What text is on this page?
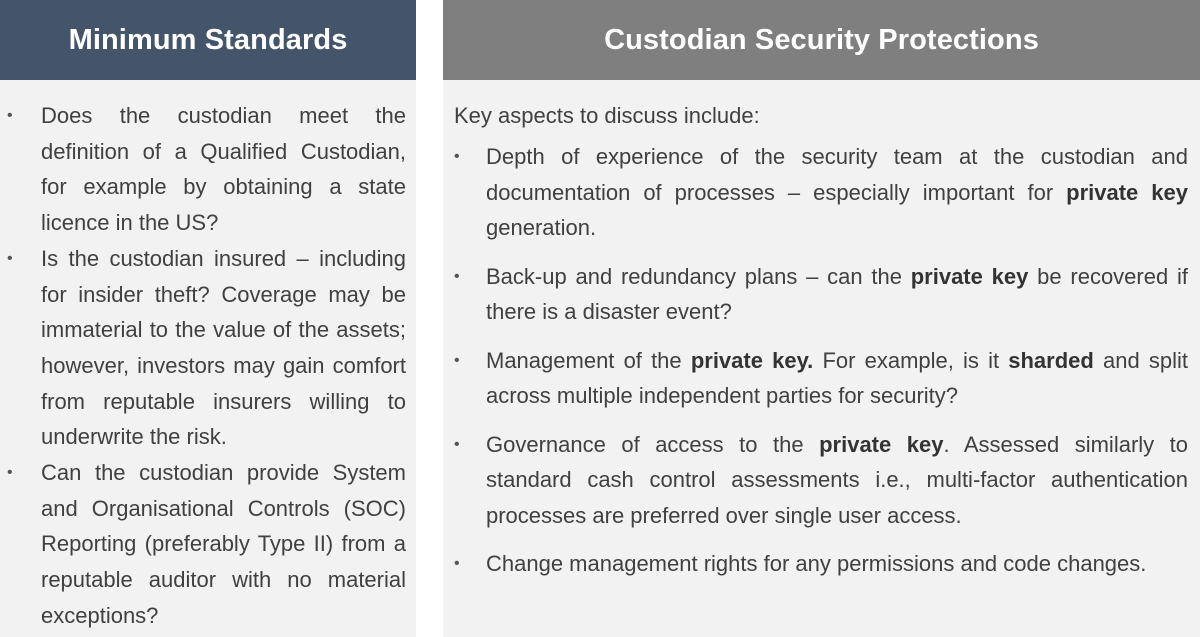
Minimum Standards
• Does the custodian meet the definition of a Qualified Custodian, for example by obtaining a state licence in the US?
• Is the custodian insured – including for insider theft? Coverage may be immaterial to the value of the assets; however, investors may gain comfort from reputable insurers willing to underwrite the risk.
• Can the custodian provide System and Organisational Controls (SOC) Reporting (preferably Type II) from a reputable auditor with no material exceptions?
Custodian Security Protections
Key aspects to discuss include:
• Depth of experience of the security team at the custodian and documentation of processes – especially important for private key generation.
• Back-up and redundancy plans – can the private key be recovered if there is a disaster event?
• Management of the private key. For example, is it sharded and split across multiple independent parties for security?
• Governance of access to the private key. Assessed similarly to standard cash control assessments i.e., multi-factor authentication processes are preferred over single user access.
• Change management rights for any permissions and code changes.
